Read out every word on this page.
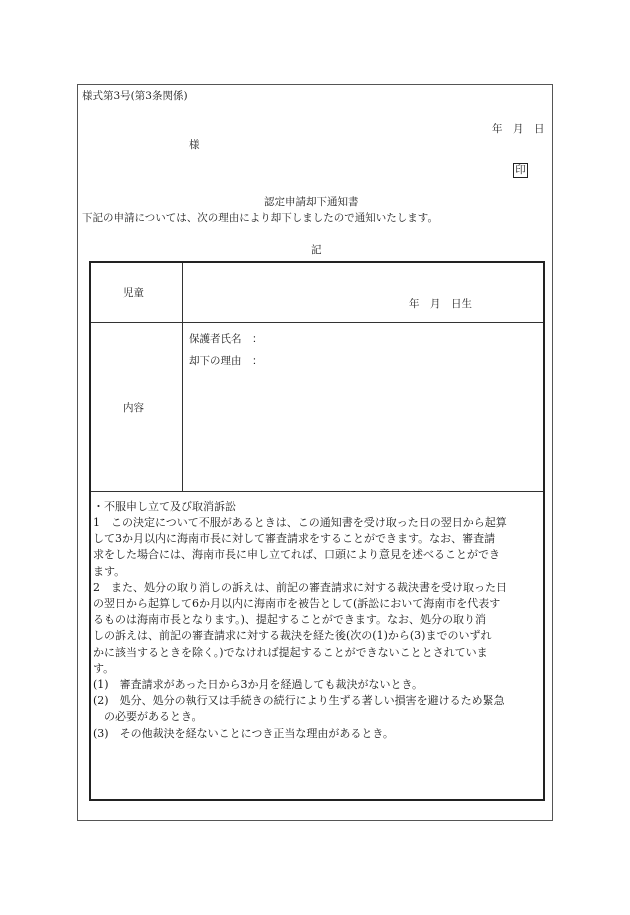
様式第3号(第3条関係)
年　月　日
様
印
認定申請却下通知書
下記の申請については、次の理由により却下しましたので通知いたします。
記
児童
年　月　日生
保護者氏名　：
却下の理由　：
内容
・不服申し立て及び取消訴訟
1　この決定について不服があるときは、この通知書を受け取った日の翌日から起算
して3か月以内に海南市長に対して審査請求をすることができます。なお、審査請
求をした場合には、海南市長に申し立てれば、口頭により意見を述べることができ
ます。
2　また、処分の取り消しの訴えは、前記の審査請求に対する裁決書を受け取った日
の翌日から起算して6か月以内に海南市を被告として(訴訟において海南市を代表す
るものは海南市長となります。)、提起することができます。なお、処分の取り消
しの訴えは、前記の審査請求に対する裁決を経た後(次の(1)から(3)までのいずれ
かに該当するときを除く。)でなければ提起することができないこととされていま
す。
(1)　審査請求があった日から3か月を経過しても裁決がないとき。
(2)　処分、処分の執行又は手続きの続行により生ずる著しい損害を避けるため緊急
　の必要があるとき。
(3)　その他裁決を経ないことにつき正当な理由があるとき。
